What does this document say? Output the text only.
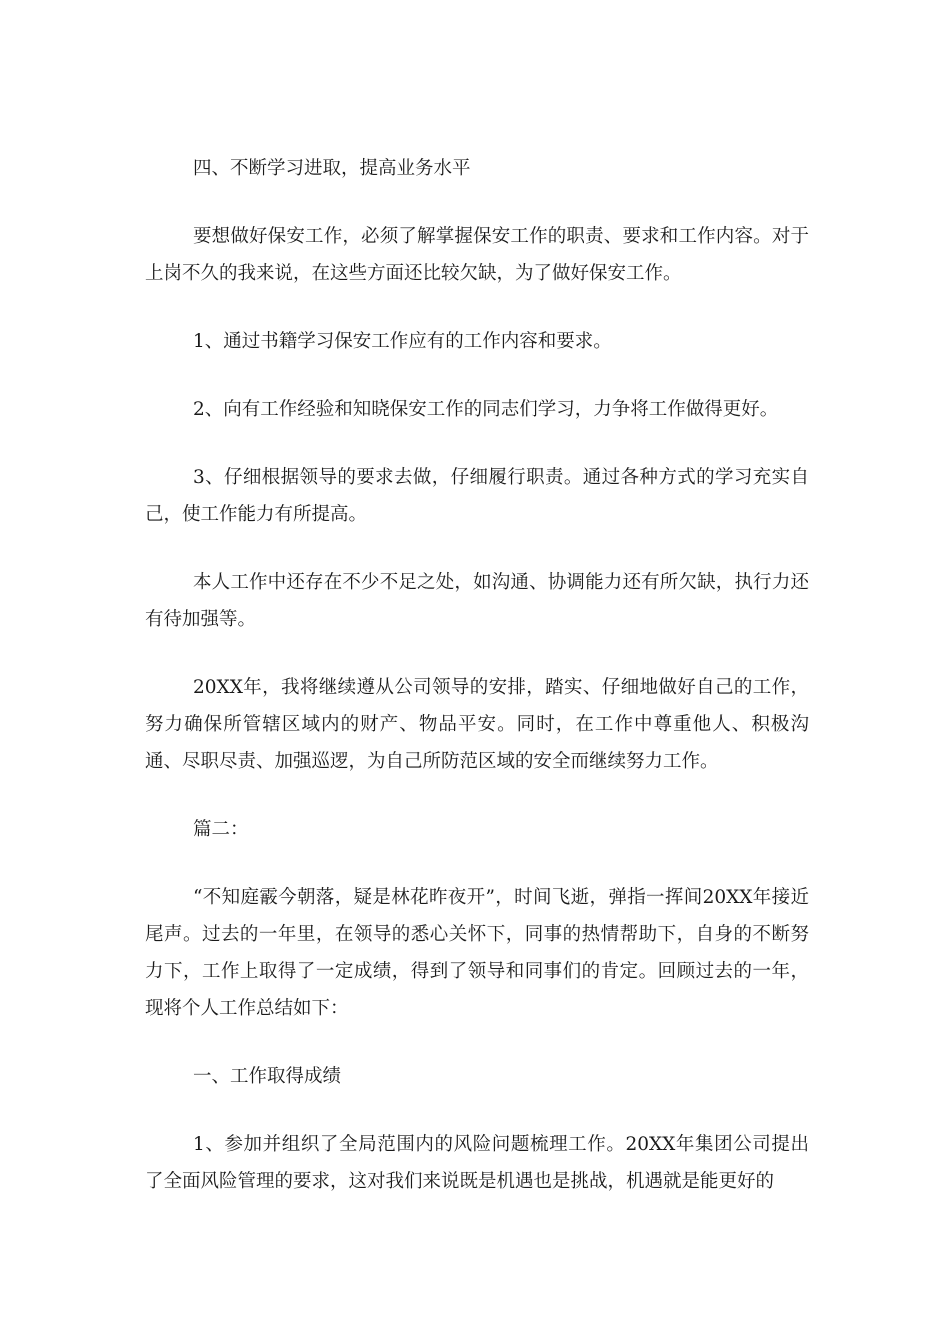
四、不断学习进取，提高业务水平

要想做好保安工作，必须了解掌握保安工作的职责、要求和工作内容。对于上岗不久的我来说，在这些方面还比较欠缺，为了做好保安工作。

1、通过书籍学习保安工作应有的工作内容和要求。

2、向有工作经验和知晓保安工作的同志们学习，力争将工作做得更好。

3、仔细根据领导的要求去做，仔细履行职责。通过各种方式的学习充实自己，使工作能力有所提高。

本人工作中还存在不少不足之处，如沟通、协调能力还有所欠缺，执行力还有待加强等。

20XX年，我将继续遵从公司领导的安排，踏实、仔细地做好自己的工作，努力确保所管辖区域内的财产、物品平安。同时，在工作中尊重他人、积极沟通、尽职尽责、加强巡逻，为自己所防范区域的安全而继续努力工作。

篇二：

“不知庭霰今朝落，疑是林花昨夜开”，时间飞逝，弹指一挥间20XX年接近尾声。过去的一年里，在领导的悉心关怀下，同事的热情帮助下，自身的不断努力下，工作上取得了一定成绩，得到了领导和同事们的肯定。回顾过去的一年，现将个人工作总结如下：

一、工作取得成绩

1、参加并组织了全局范围内的风险问题梳理工作。20XX年集团公司提出了全面风险管理的要求，这对我们来说既是机遇也是挑战，机遇就是能更好的
